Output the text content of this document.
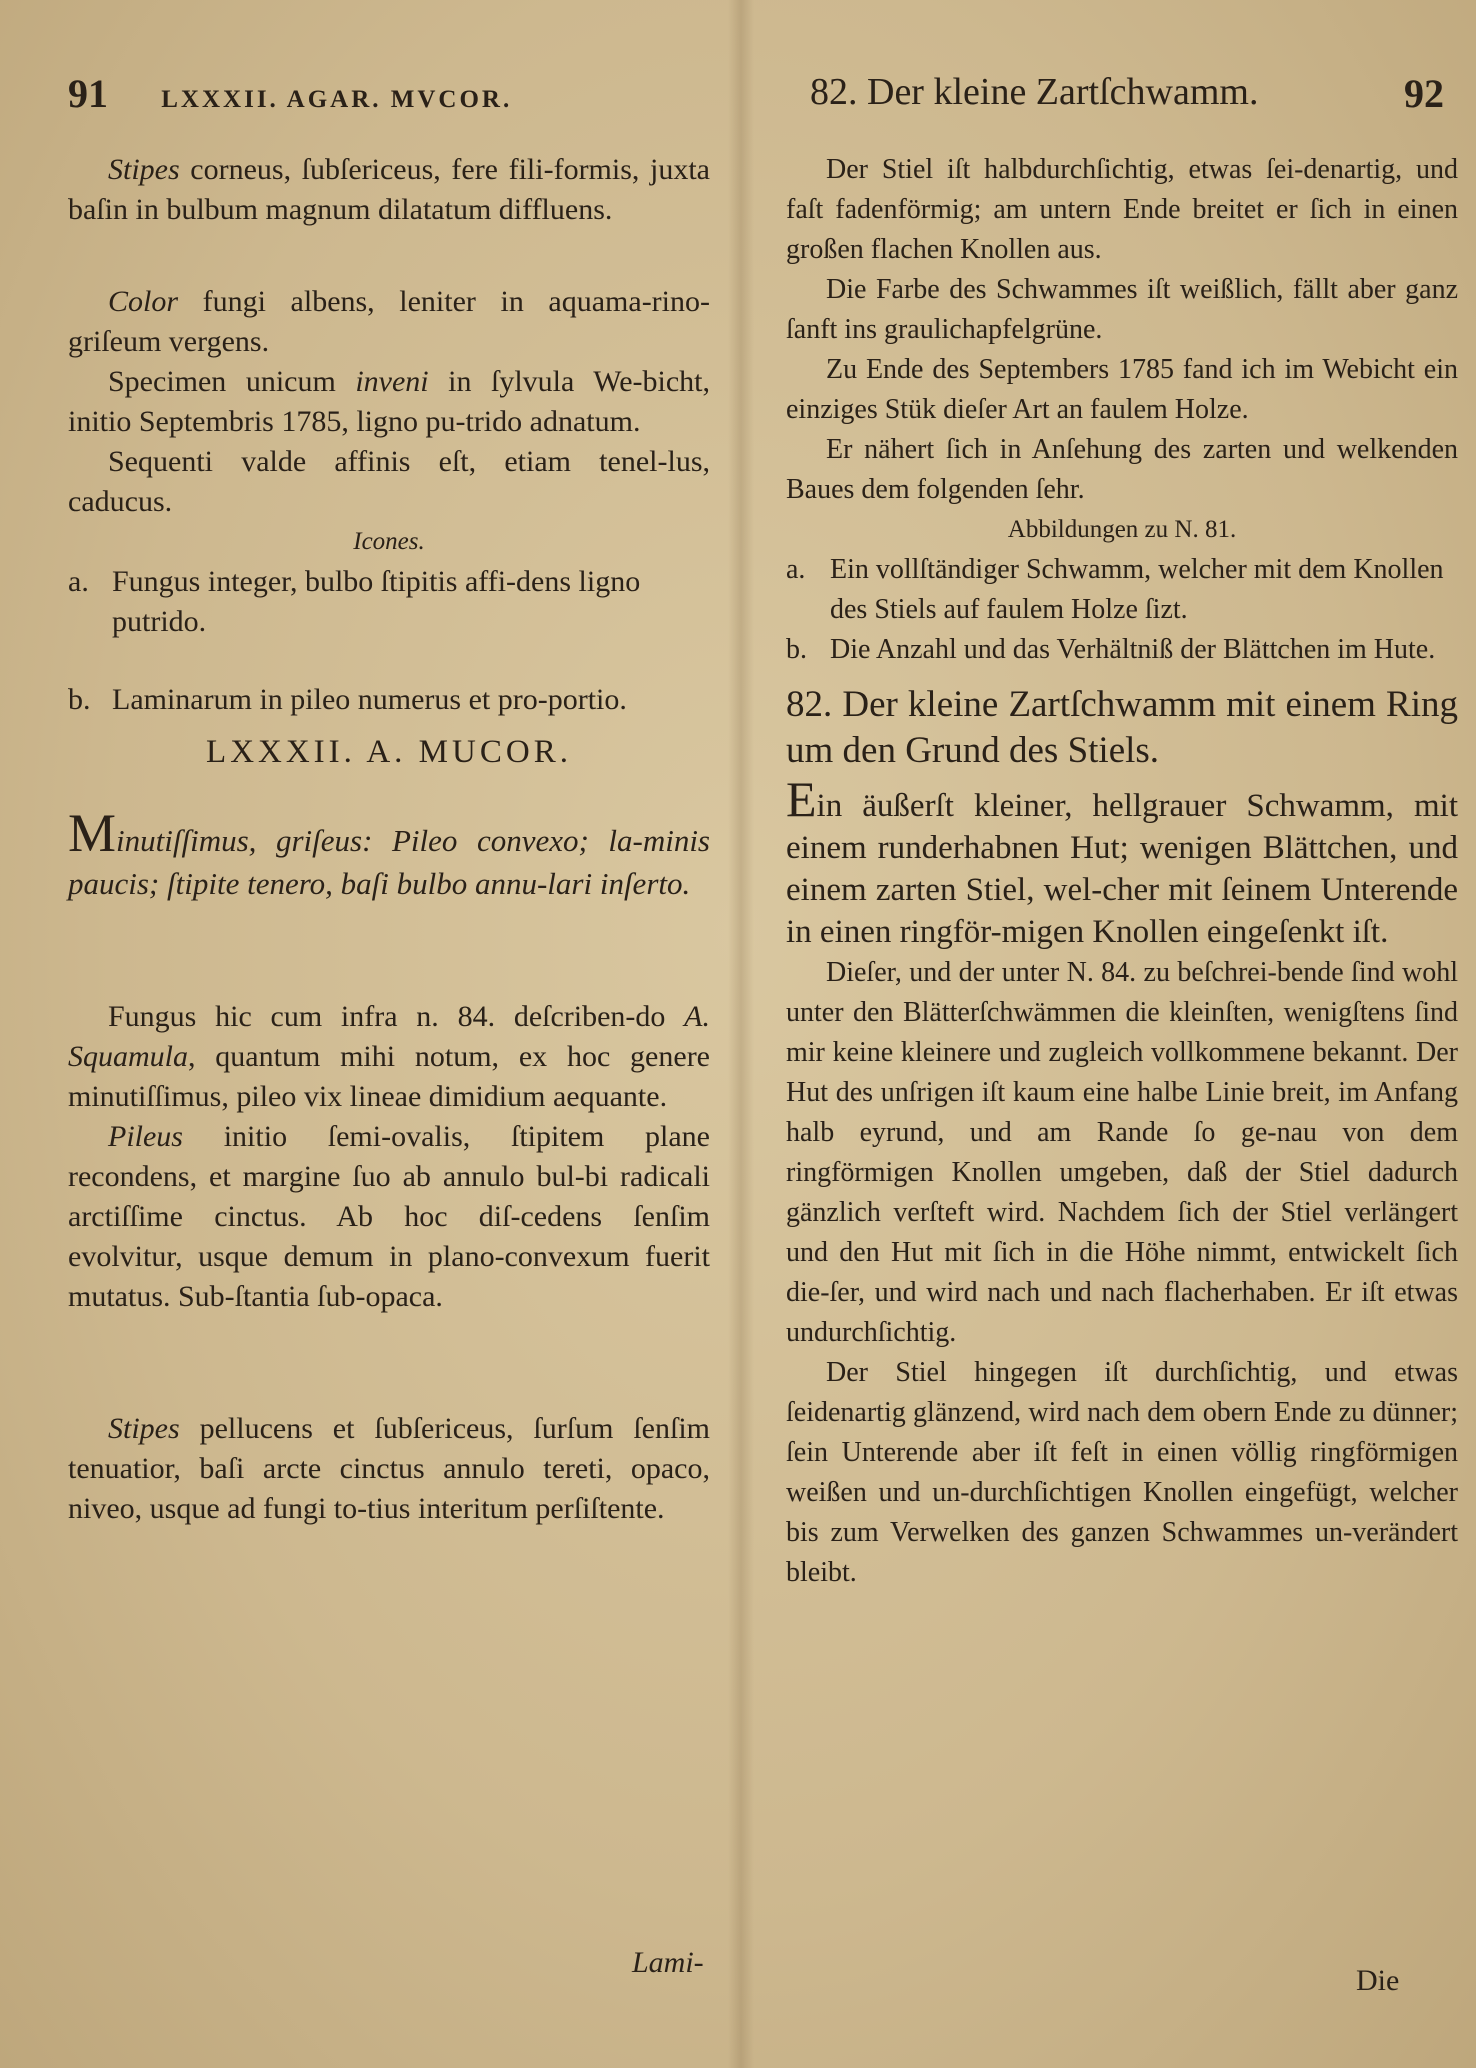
91 LXXXII. AGAR. MVCOR.

Stipes corneus, ſubſericeus, fere fili-formis, juxta baſin in bulbum magnum dilatatum diffluens.

Color fungi albens, leniter in aquama-rino-griſeum vergens.

Specimen unicum inveni in ſylvula We-bicht, initio Septembris 1785, ligno pu-trido adnatum.

Sequenti valde affinis eſt, etiam tenel-lus, caducus.

Icones.

a. Fungus integer, bulbo ſtipitis affi-dens ligno putrido.
b. Laminarum in pileo numerus et pro-portio.
LXXXII. A. MUCOR.

Minutiſſimus, griſeus: Pileo convexo; la-minis paucis; ſtipite tenero, baſi bulbo annu-lari inſerto.

Fungus hic cum infra n. 84. deſcriben-do A. Squamula, quantum mihi notum, ex hoc genere minutiſſimus, pileo vix lineae dimidium aequante.

Pileus initio ſemi-ovalis, ſtipitem plane recondens, et margine ſuo ab annulo bul-bi radicali arctiſſime cinctus. Ab hoc diſ-cedens ſenſim evolvitur, usque demum in plano-convexum fuerit mutatus. Sub-ſtantia ſub-opaca.

Stipes pellucens et ſubſericeus, ſurſum ſenſim tenuatior, baſi arcte cinctus annulo tereti, opaco, niveo, usque ad fungi to-tius interitum perſiſtente.

Lami-
82. Der kleine Zartſchwamm.	92

Der Stiel iſt halbdurchſichtig, etwas ſei-denartig, und faſt fadenförmig; am untern Ende breitet er ſich in einen großen flachen Knollen aus.

Die Farbe des Schwammes iſt weißlich, fällt aber ganz ſanft ins graulichapfelgrüne.

Zu Ende des Septembers 1785 fand ich im Webicht ein einziges Stük dieſer Art an faulem Holze.

Er nähert ſich in Anſehung des zarten und welkenden Baues dem folgenden ſehr.

Abbildungen zu N. 81.

a. Ein vollſtändiger Schwamm, welcher mit dem Knollen des Stiels auf faulem Holze ſizt.
b. Die Anzahl und das Verhältniß der Blättchen im Hute.

82. Der kleine Zartſchwamm mit einem Ring um den Grund des Stiels.

Ein äußerſt kleiner, hellgrauer Schwamm, mit einem runderhabnen Hut; wenigen Blättchen, und einem zarten Stiel, wel-cher mit ſeinem Unterende in einen ringför-migen Knollen eingeſenkt iſt.

Dieſer, und der unter N. 84. zu beſchrei-bende ſind wohl unter den Blätterſchwämmen die kleinſten, wenigſtens ſind mir keine kleinere und zugleich vollkommene bekannt. Der Hut des unſrigen iſt kaum eine halbe Linie breit, im Anfang halb eyrund, und am Rande ſo ge-nau von dem ringförmigen Knollen umgeben, daß der Stiel dadurch gänzlich verſteft wird. Nachdem ſich der Stiel verlängert und den Hut mit ſich in die Höhe nimmt, entwickelt ſich die-ſer, und wird nach und nach flacherhaben. Er iſt etwas undurchſichtig.

Der Stiel hingegen iſt durchſichtig, und etwas ſeidenartig glänzend, wird nach dem obern Ende zu dünner; ſein Unterende aber iſt feſt in einen völlig ringförmigen weißen und un-durchſichtigen Knollen eingefügt, welcher bis zum Verwelken des ganzen Schwammes un-verändert bleibt.

Die
